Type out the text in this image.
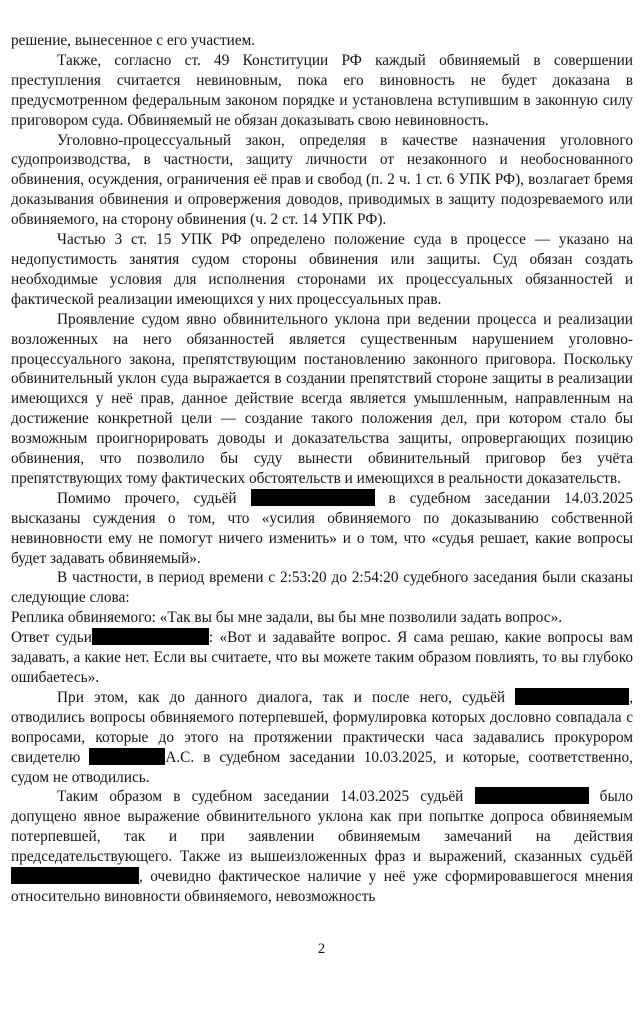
решение, вынесенное с его участием.

Также, согласно ст. 49 Конституции РФ каждый обвиняемый в совершении преступления считается невиновным, пока его виновность не будет доказана в предусмотренном федеральным законом порядке и установлена вступившим в законную силу приговором суда. Обвиняемый не обязан доказывать свою невиновность.

Уголовно-процессуальный закон, определяя в качестве назначения уголовного судопроизводства, в частности, защиту личности от незаконного и необоснованного обвинения, осуждения, ограничения её прав и свобод (п. 2 ч. 1 ст. 6 УПК РФ), возлагает бремя доказывания обвинения и опровержения доводов, приводимых в защиту подозреваемого или обвиняемого, на сторону обвинения (ч. 2 ст. 14 УПК РФ).

Частью 3 ст. 15 УПК РФ определено положение суда в процессе — указано на недопустимость занятия судом стороны обвинения или защиты. Суд обязан создать необходимые условия для исполнения сторонами их процессуальных обязанностей и фактической реализации имеющихся у них процессуальных прав.

Проявление судом явно обвинительного уклона при ведении процесса и реализации возложенных на него обязанностей является существенным нарушением уголовно-процессуального закона, препятствующим постановлению законного приговора. Поскольку обвинительный уклон суда выражается в создании препятствий стороне защиты в реализации имеющихся у неё прав, данное действие всегда является умышленным, направленным на достижение конкретной цели — создание такого положения дел, при котором стало бы возможным проигнорировать доводы и доказательства защиты, опровергающих позицию обвинения, что позволило бы суду вынести обвинительный приговор без учёта препятствующих тому фактических обстоятельств и имеющихся в реальности доказательств.

Помимо прочего, судьёй	в судебном заседании 14.03.2025 высказаны суждения о том, что «усилия обвиняемого по доказыванию собственной невиновности ему не помогут ничего изменить» и о том, что «судья решает, какие вопросы будет задавать обвиняемый».

В частности, в период времени с 2:53:20 до 2:54:20 судебного заседания были сказаны следующие слова:

Реплика обвиняемого: «Так вы бы мне задали, вы бы мне позволили задать вопрос».

Ответ судьи	: «Вот и задавайте вопрос. Я сама решаю, какие вопросы вам задавать, а какие нет. Если вы считаете, что вы можете таким образом повлиять, то вы глубоко ошибаетесь».

При этом, как до данного диалога, так и после него, судьёй	, отводились вопросы обвиняемого потерпевшей, формулировка которых дословно совпадала с вопросами, которые до этого на протяжении практически часа задавались прокурором свидетелю	А.С. в судебном заседании 10.03.2025, и которые, соответственно, судом не отводились.

Таким образом в судебном заседании 14.03.2025 судьёй	было допущено явное выражение обвинительного уклона как при попытке допроса обвиняемым потерпевшей, так и при заявлении обвиняемым замечаний на действия председательствующего. Также из вышеизложенных фраз и выражений, сказанных судьёй , очевидно фактическое наличие у неё уже сформировавшегося мнения относительно виновности обвиняемого, невозможность

2
